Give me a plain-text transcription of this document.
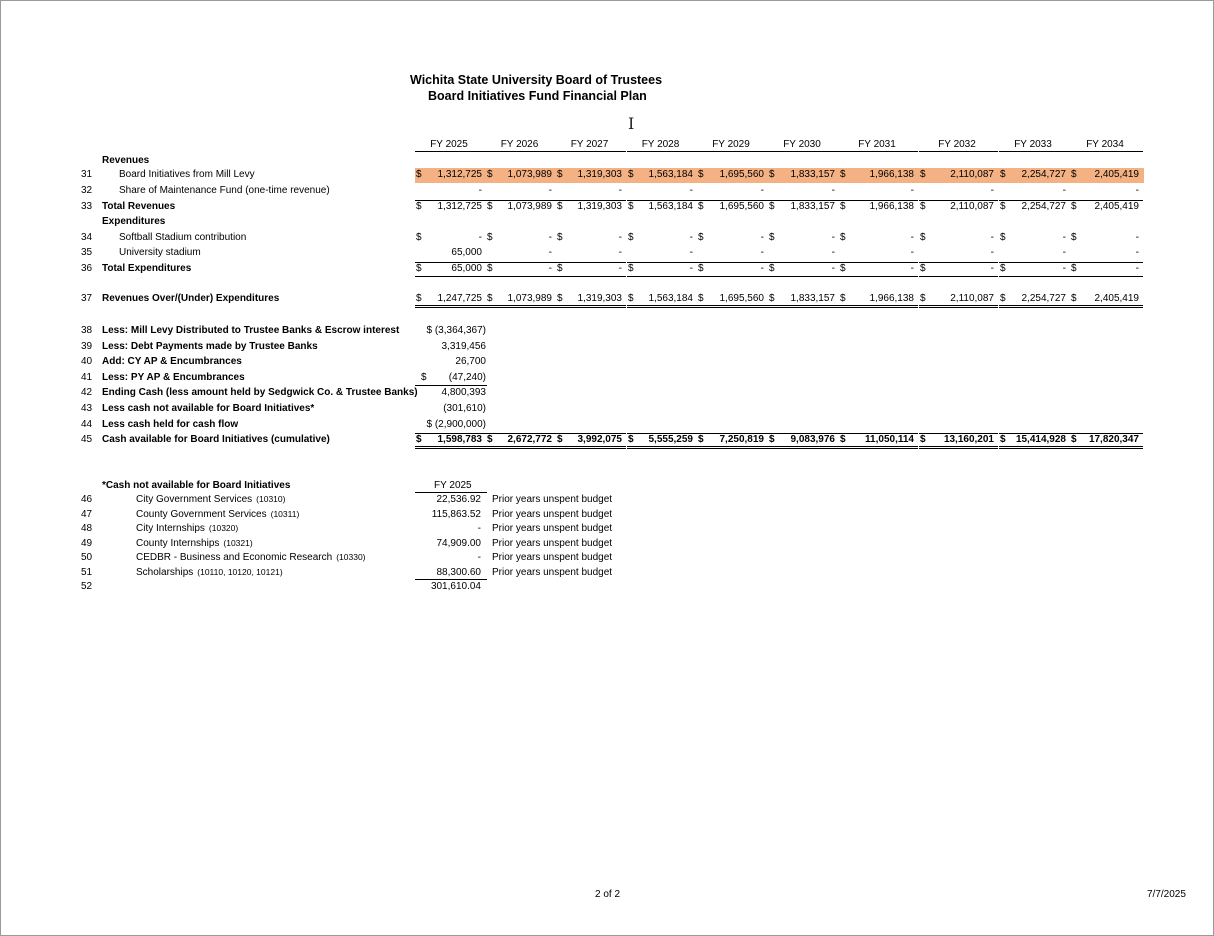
Wichita State University Board of Trustees
Board Initiatives Fund Financial Plan
I
FY 2025	FY 2026	FY 2027	FY 2028	FY 2029	FY 2030	FY 2031	FY 2032	FY 2033	FY 2034
Revenues
Expenditures
31	Board Initiatives from Mill Levy	$	1,312,725 $	1,073,989 $	1,319,303 $	1,563,184 $	1,695,560 $	1,833,157 $	1,966,138 $	2,110,087 $	2,254,727 $	2,405,419
32	Share of Maintenance Fund (one-time revenue)	-	-	-	-	-	-	-	-	-	-
33 Total Revenues	$	1,312,725 $	1,073,989 $	1,319,303 $	1,563,184 $	1,695,560 $	1,833,157 $	1,966,138 $	2,110,087 $	2,254,727 $	2,405,419
34	Softball Stadium contribution	$	- $	- $	- $	- $	- $	- $	- $	- $	- $	-
35	University stadium	65,000	-	-	-	-	-	-	-	-	-
36 Total Expenditures	$	65,000 $	- $	- $	- $	- $	- $	- $	- $	- $	-
37 Revenues Over/(Under) Expenditures	$	1,247,725 $	1,073,989 $	1,319,303 $	1,563,184 $	1,695,560 $	1,833,157 $	1,966,138 $	2,110,087 $	2,254,727 $	2,405,419
38 Less: Mill Levy Distributed to Trustee Banks & Escrow interest	$ (3,364,367)
39 Less: Debt Payments made by Trustee Banks	3,319,456
40 Add: CY AP & Encumbrances	26,700
41 Less: PY AP & Encumbrances	$	(47,240)
42 Ending Cash (less amount held by Sedgwick Co. & Trustee Banks)	4,800,393
43 Less cash not available for Board Initiatives*	(301,610)
44 Less cash held for cash flow	$ (2,900,000)
45 Cash available for Board Initiatives (cumulative)	$	1,598,783 $	2,672,772 $	3,992,075 $	5,555,259 $	7,250,819 $	9,083,976 $	11,050,114 $	13,160,201 $	15,414,928 $	17,820,347
*Cash not available for Board Initiatives	FY 2025
46	City Government Services (10310)	22,536.92 Prior years unspent budget
47	County Government Services (10311)	115,863.52 Prior years unspent budget
48	City Internships (10320)	- Prior years unspent budget
49	County Internships (10321)	74,909.00 Prior years unspent budget
50	CEDBR - Business and Economic Research (10330)	- Prior years unspent budget
51	Scholarships (10110, 10120, 10121)	88,300.60 Prior years unspent budget
52	301,610.04
2 of 2	7/7/2025
